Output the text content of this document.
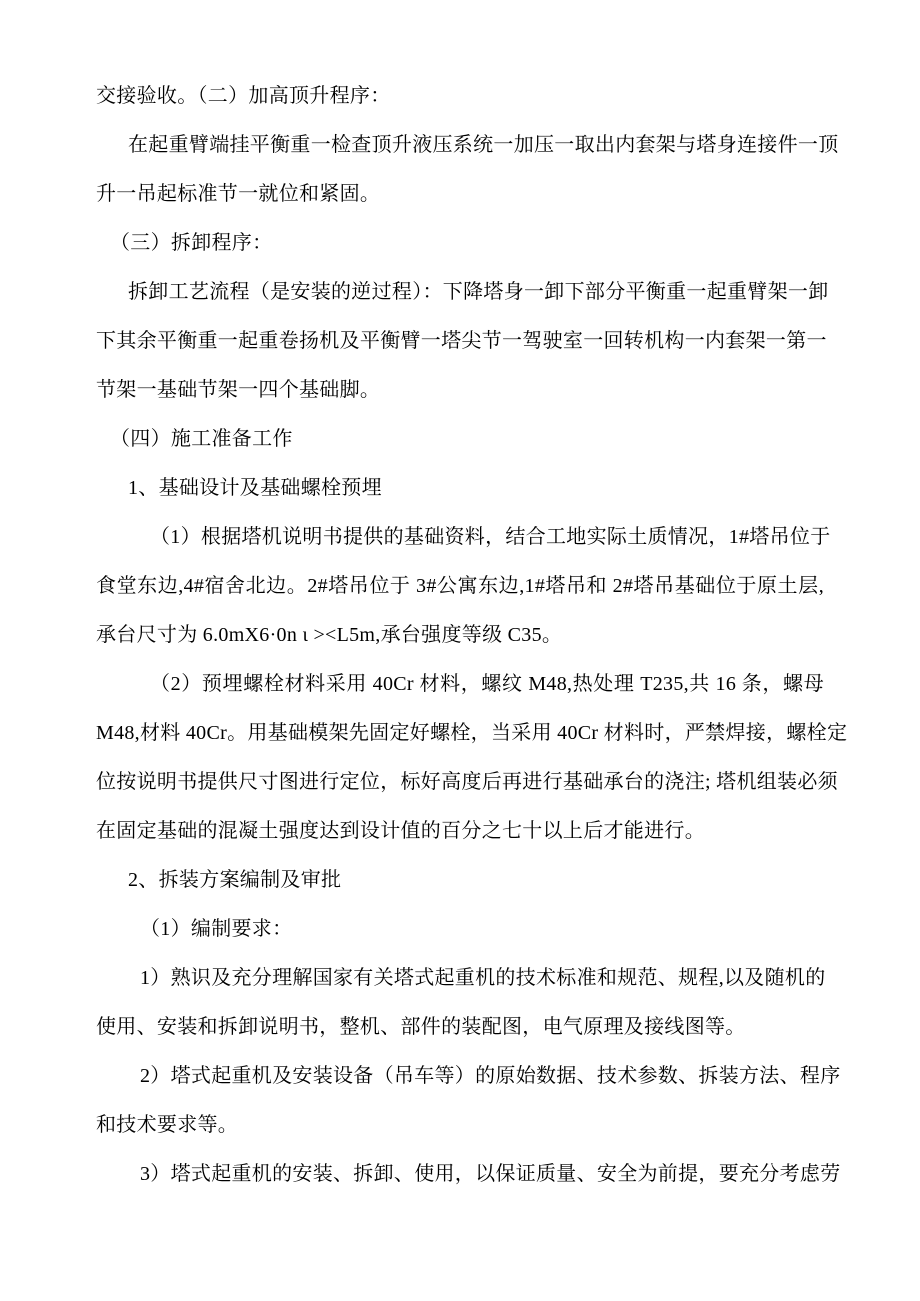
交接验收。（二）加高顶升程序：
在起重臂端挂平衡重一检查顶升液压系统一加压一取出内套架与塔身连接件一顶
升一吊起标准节一就位和紧固。
（三）拆卸程序：
拆卸工艺流程（是安装的逆过程）：下降塔身一卸下部分平衡重一起重臂架一卸
下其余平衡重一起重卷扬机及平衡臂一塔尖节一驾驶室一回转机构一内套架一第一
节架一基础节架一四个基础脚。
（四）施工准备工作
1、基础设计及基础螺栓预埋
（1）根据塔机说明书提供的基础资料，结合工地实际土质情况，1#塔吊位于
食堂东边,4#宿舍北边。2#塔吊位于 3#公寓东边,1#塔吊和 2#塔吊基础位于原土层,
承台尺寸为 6.0mX6·0n ι ><L5m,承台强度等级 C35。
（2）预埋螺栓材料采用 40Cr 材料，螺纹 M48,热处理 T235,共 16 条，螺母
M48,材料 40Cr。用基础模架先固定好螺栓，当采用 40Cr 材料时，严禁焊接，螺栓定
位按说明书提供尺寸图进行定位，标好高度后再进行基础承台的浇注; 塔机组装必须
在固定基础的混凝土强度达到设计值的百分之七十以上后才能进行。
2、拆装方案编制及审批
（1）编制要求：
1）熟识及充分理解国家有关塔式起重机的技术标准和规范、规程,以及随机的
使用、安装和拆卸说明书，整机、部件的装配图，电气原理及接线图等。
2）塔式起重机及安装设备（吊车等）的原始数据、技术参数、拆装方法、程序
和技术要求等。
3）塔式起重机的安装、拆卸、使用，以保证质量、安全为前提，要充分考虑劳
